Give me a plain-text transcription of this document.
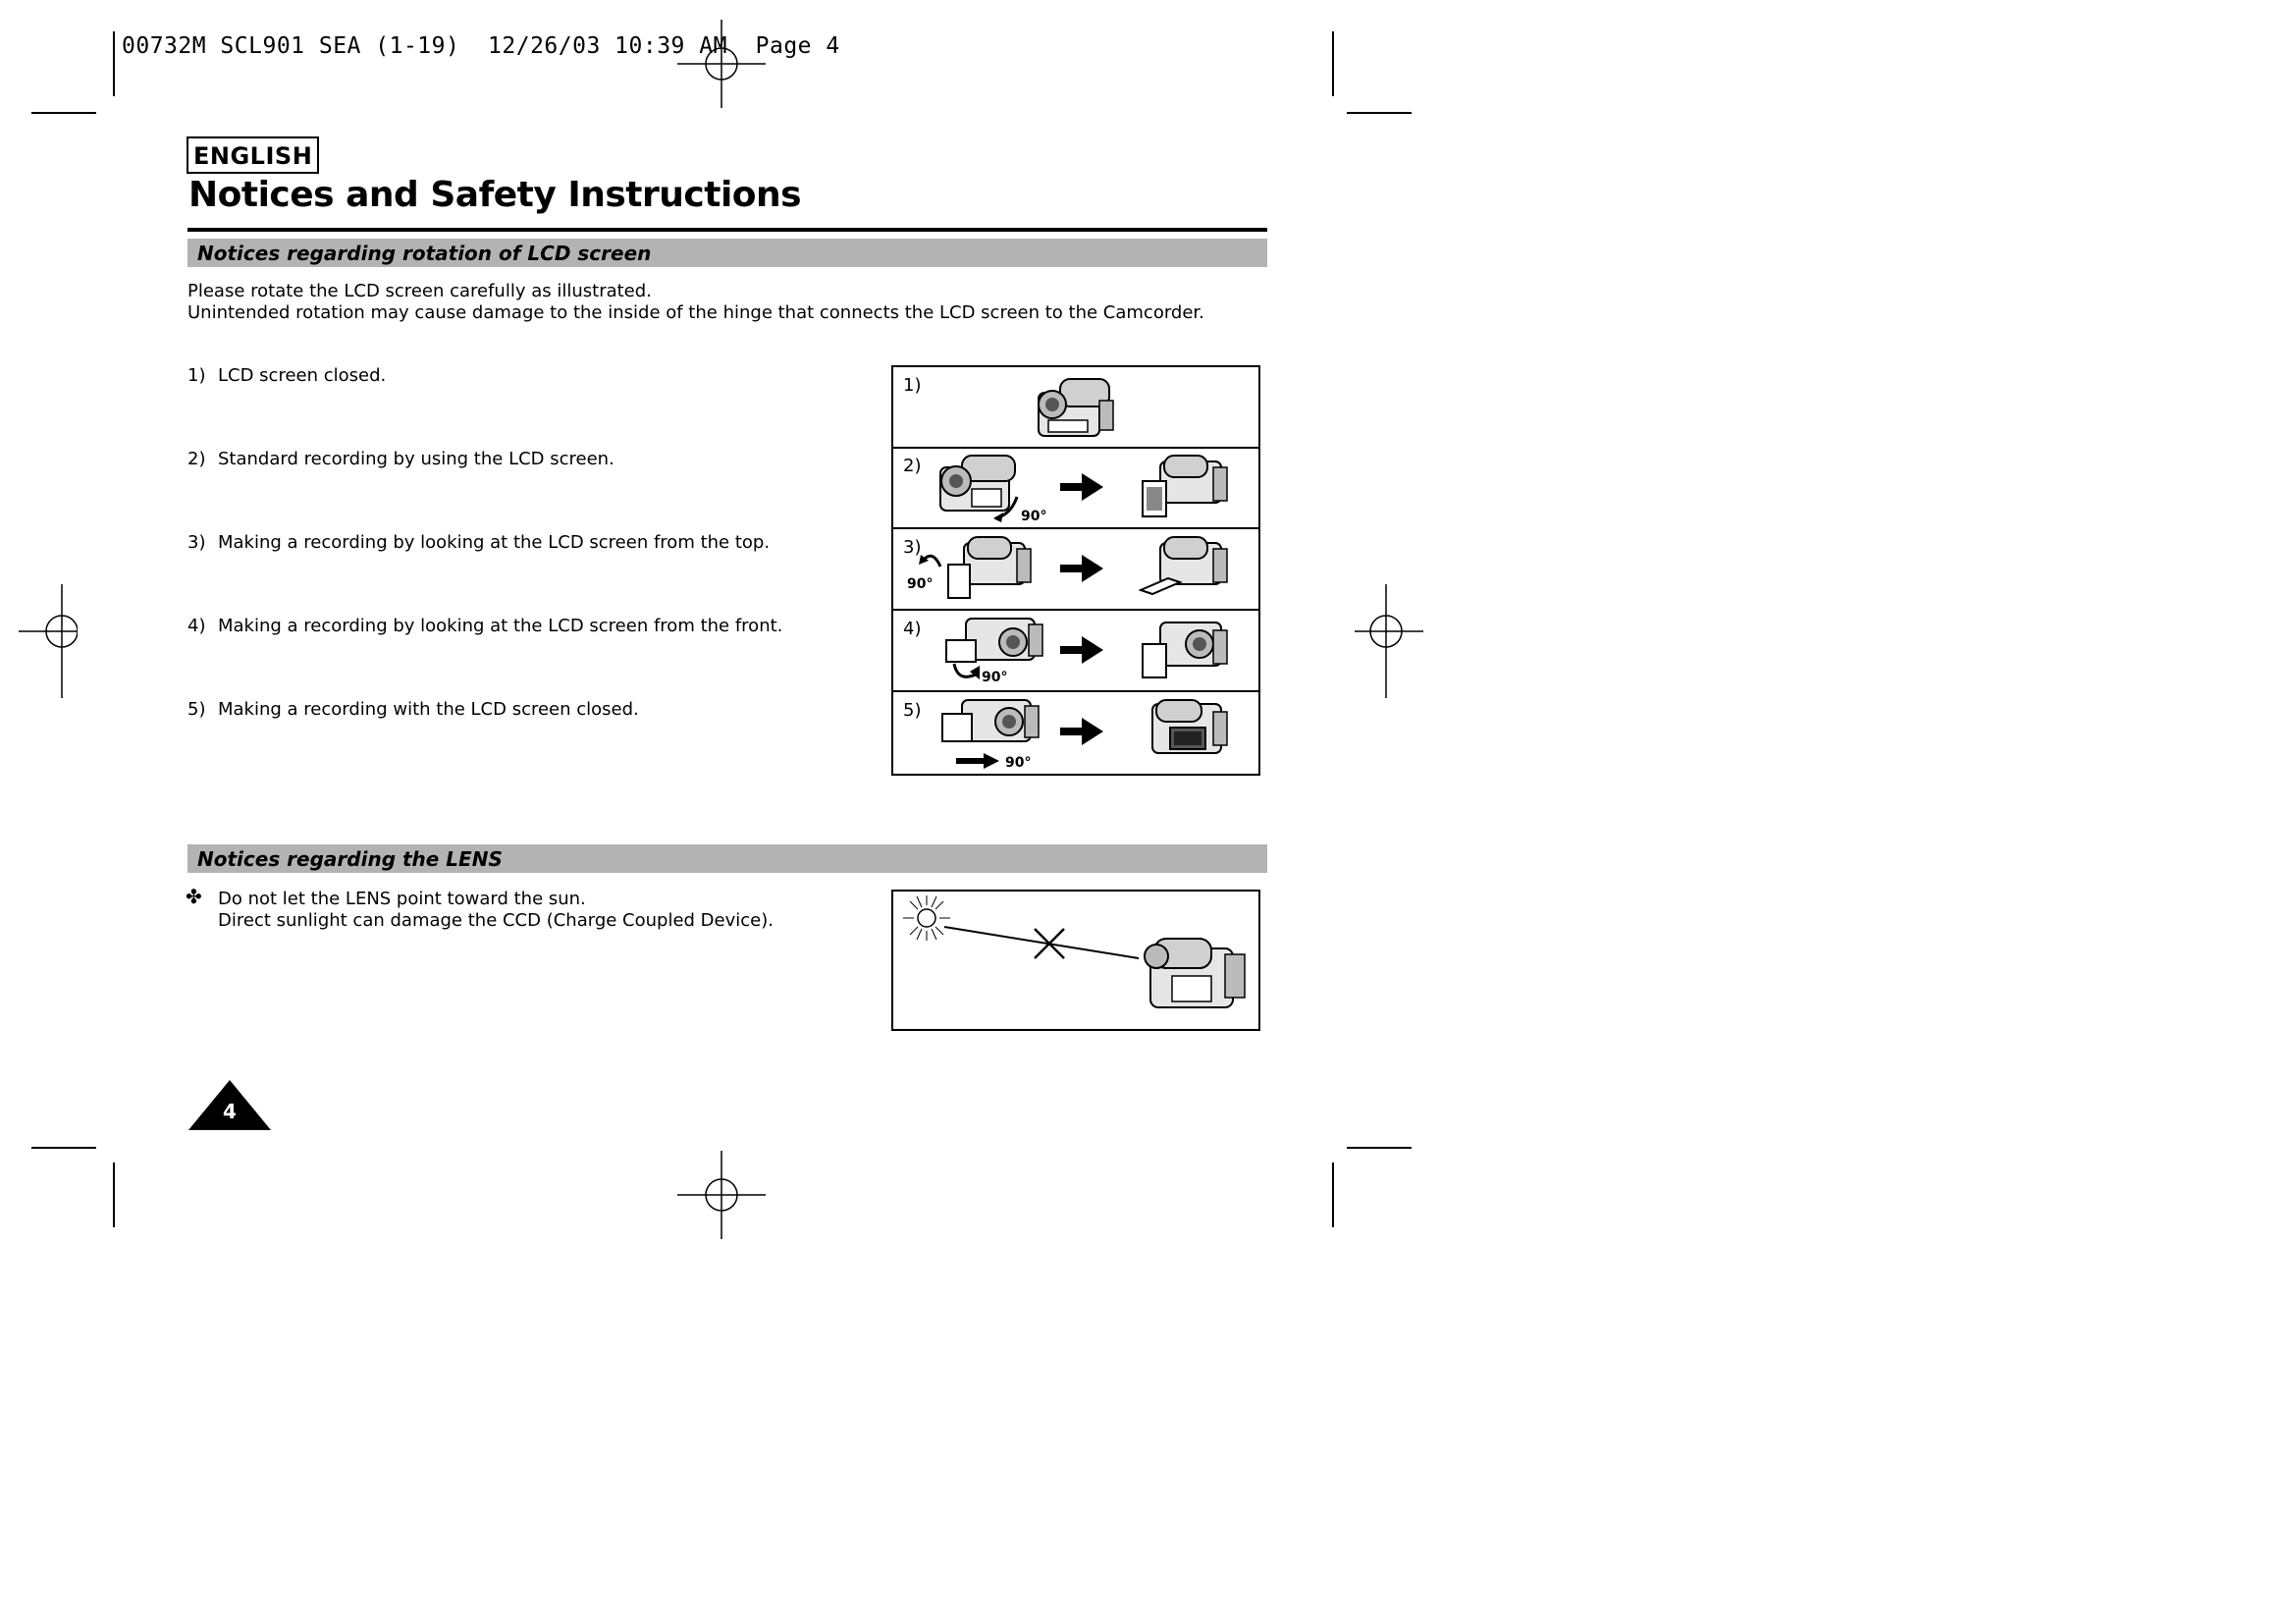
00732M SCL901 SEA (1-19)  12/26/03 10:39 AM  Page 4
ENGLISH
Notices and Safety Instructions
Notices regarding rotation of LCD screen
Please rotate the LCD screen carefully as illustrated.
Unintended rotation may cause damage to the inside of the hinge that connects the LCD screen to the Camcorder.
1) LCD screen closed.
2) Standard recording by using the LCD screen.
3) Making a recording by looking at the LCD screen from the top.
4) Making a recording by looking at the LCD screen from the front.
5) Making a recording with the LCD screen closed.
1)
2)
90°
3)
90°
4)
90°
5)
90°
Notices regarding the LENS
✤ Do not let the LENS point toward the sun.
Direct sunlight can damage the CCD (Charge Coupled Device).
4
